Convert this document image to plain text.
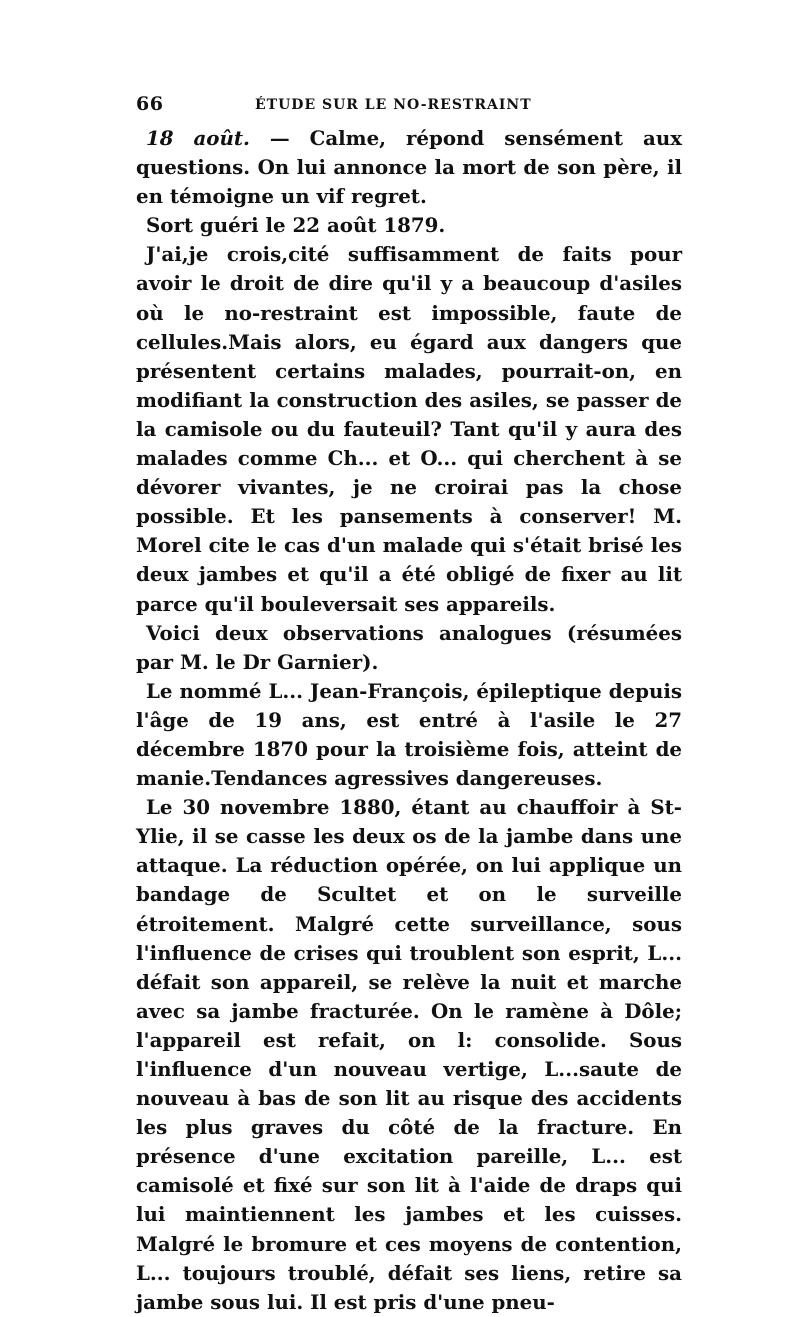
66	ÉTUDE SUR LE NO-RESTRAINT

18 août. — Calme, répond sensément aux questions. On lui annonce la mort de son père, il en témoigne un vif regret.

Sort guéri le 22 août 1879.

J'ai,je crois,cité suffisamment de faits pour avoir le droit de dire qu'il y a beaucoup d'asiles où le no-restraint est impossible, faute de cellules.Mais alors, eu égard aux dangers que présentent certains malades, pourrait-on, en modifiant la construction des asiles, se passer de la camisole ou du fauteuil? Tant qu'il y aura des malades comme Ch... et O... qui cherchent à se dévorer vivantes, je ne croirai pas la chose possible. Et les pansements à conserver! M. Morel cite le cas d'un malade qui s'était brisé les deux jambes et qu'il a été obligé de fixer au lit parce qu'il bouleversait ses appareils.

Voici deux observations analogues (résumées par M. le Dr Garnier).

Le nommé L... Jean-François, épileptique depuis l'âge de 19 ans, est entré à l'asile le 27 décembre 1870 pour la troisième fois, atteint de manie.Tendances agressives dangereuses.

Le 30 novembre 1880, étant au chauffoir à St-Ylie, il se casse les deux os de la jambe dans une attaque. La réduction opérée, on lui applique un bandage de Scultet et on le surveille étroitement. Malgré cette surveillance, sous l'influence de crises qui troublent son esprit, L... défait son appareil, se relève la nuit et marche avec sa jambe fracturée. On le ramène à Dôle; l'appareil est refait, on l: consolide. Sous l'influence d'un nouveau vertige, L...saute de nouveau à bas de son lit au risque des accidents les plus graves du côté de la fracture. En présence d'une excitation pareille, L... est camisolé et fixé sur son lit à l'aide de draps qui lui maintiennent les jambes et les cuisses. Malgré le bromure et ces moyens de contention, L... toujours troublé, défait ses liens, retire sa jambe sous lui. Il est pris d'une pneu-
